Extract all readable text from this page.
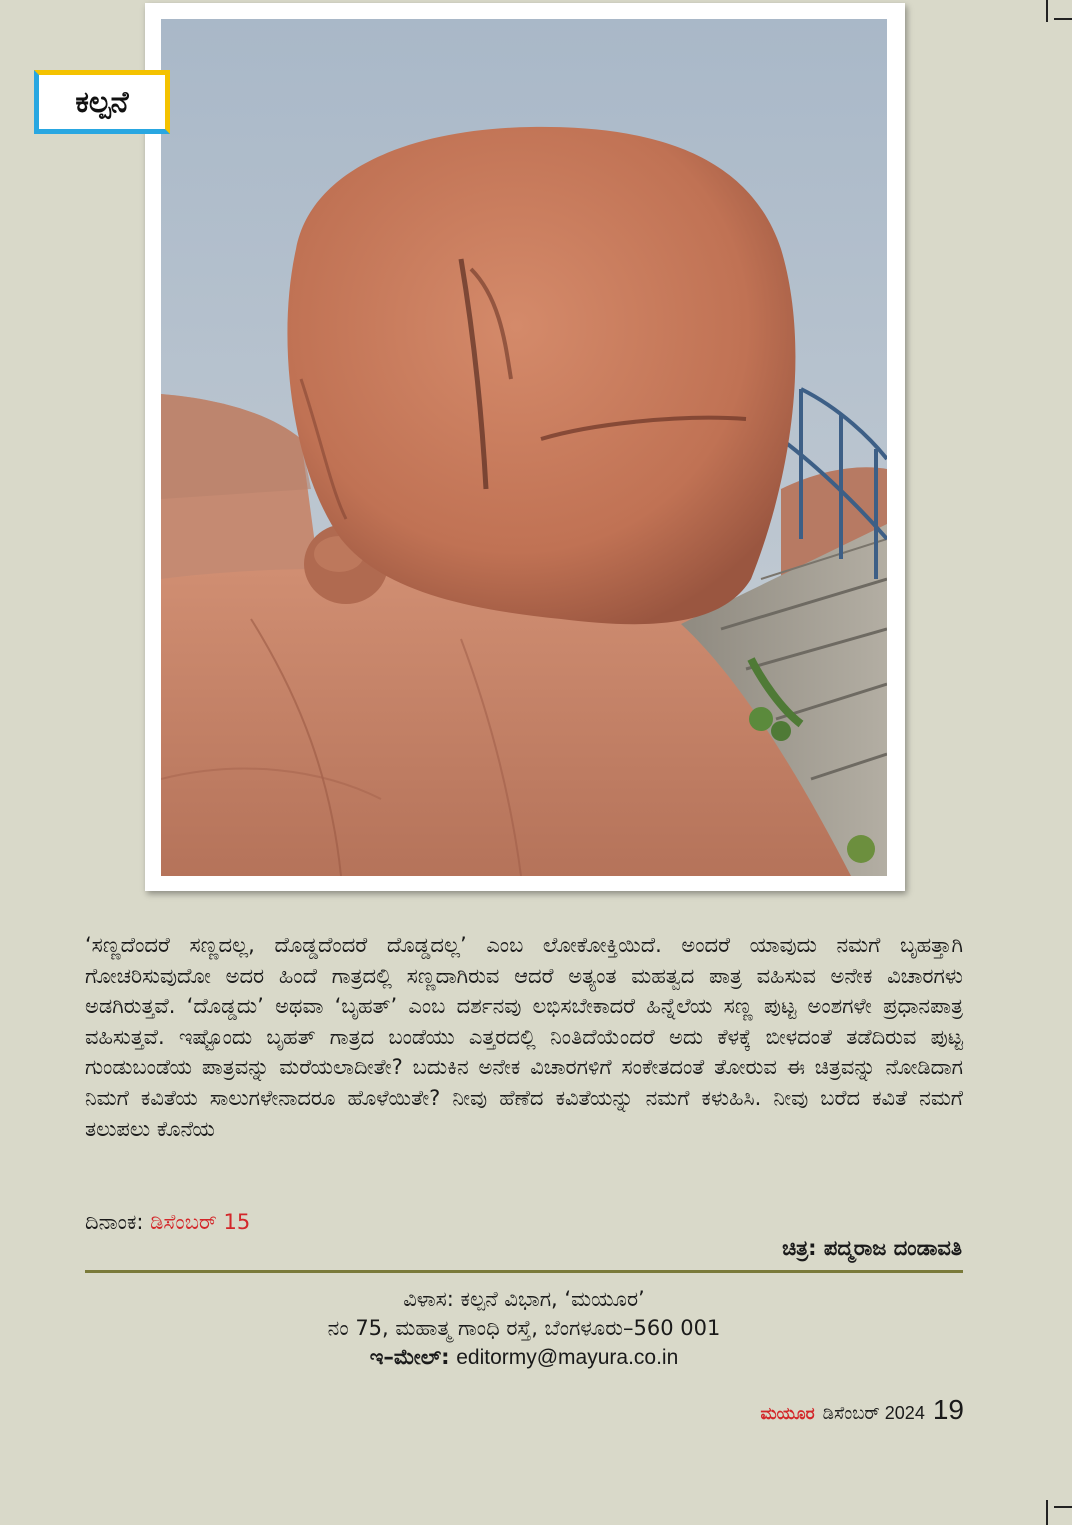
ಕಲ್ಪನೆ

‘ಸಣ್ಣದೆಂದರೆ ಸಣ್ಣದಲ್ಲ, ದೊಡ್ಡದೆಂದರೆ ದೊಡ್ಡದಲ್ಲ’ ಎಂಬ ಲೋಕೋಕ್ತಿಯಿದೆ. ಅಂದರೆ ಯಾವುದು ನಮಗೆ ಬೃಹತ್ತಾಗಿ ಗೋಚರಿಸುವುದೋ ಅದರ ಹಿಂದೆ ಗಾತ್ರದಲ್ಲಿ ಸಣ್ಣದಾಗಿರುವ ಆದರೆ ಅತ್ಯಂತ ಮಹತ್ವದ ಪಾತ್ರ ವಹಿಸುವ ಅನೇಕ ವಿಚಾರಗಳು ಅಡಗಿರುತ್ತವೆ. ‘ದೊಡ್ಡದು’ ಅಥವಾ ‘ಬೃಹತ್’ ಎಂಬ ದರ್ಶನವು ಲಭಿಸಬೇಕಾದರೆ ಹಿನ್ನೆಲೆಯ ಸಣ್ಣ ಪುಟ್ಟ ಅಂಶಗಳೇ ಪ್ರಧಾನಪಾತ್ರ ವಹಿಸುತ್ತವೆ. ಇಷ್ಟೊಂದು ಬೃಹತ್ ಗಾತ್ರದ ಬಂಡೆಯು ಎತ್ತರದಲ್ಲಿ ನಿಂತಿದೆಯೆಂದರೆ ಅದು ಕೆಳಕ್ಕೆ ಬೀಳದಂತೆ ತಡೆದಿರುವ ಪುಟ್ಟ ಗುಂಡುಬಂಡೆಯ ಪಾತ್ರವನ್ನು ಮರೆಯಲಾದೀತೇ? ಬದುಕಿನ ಅನೇಕ ವಿಚಾರಗಳಿಗೆ ಸಂಕೇತದಂತೆ ತೋರುವ ಈ ಚಿತ್ರವನ್ನು ನೋಡಿದಾಗ ನಿಮಗೆ ಕವಿತೆಯ ಸಾಲುಗಳೇನಾದರೂ ಹೊಳೆಯಿತೇ? ನೀವು ಹೆಣೆದ ಕವಿತೆಯನ್ನು ನಮಗೆ ಕಳುಹಿಸಿ. ನೀವು ಬರೆದ ಕವಿತೆ ನಮಗೆ ತಲುಪಲು ಕೊನೆಯ

ದಿನಾಂಕ: ಡಿಸೆಂಬರ್ 15
ಚಿತ್ರ: ಪದ್ಮರಾಜ ದಂಡಾವತಿ
ವಿಳಾಸ: ಕಲ್ಪನೆ ವಿಭಾಗ, ‘ಮಯೂರ’
ನಂ 75, ಮಹಾತ್ಮ ಗಾಂಧಿ ರಸ್ತೆ, ಬೆಂಗಳೂರು–560 001
ಇ–ಮೇಲ್: editormy@mayura.co.in
ಮಯೂರ ಡಿಸೆಂಬರ್ 2024 19
